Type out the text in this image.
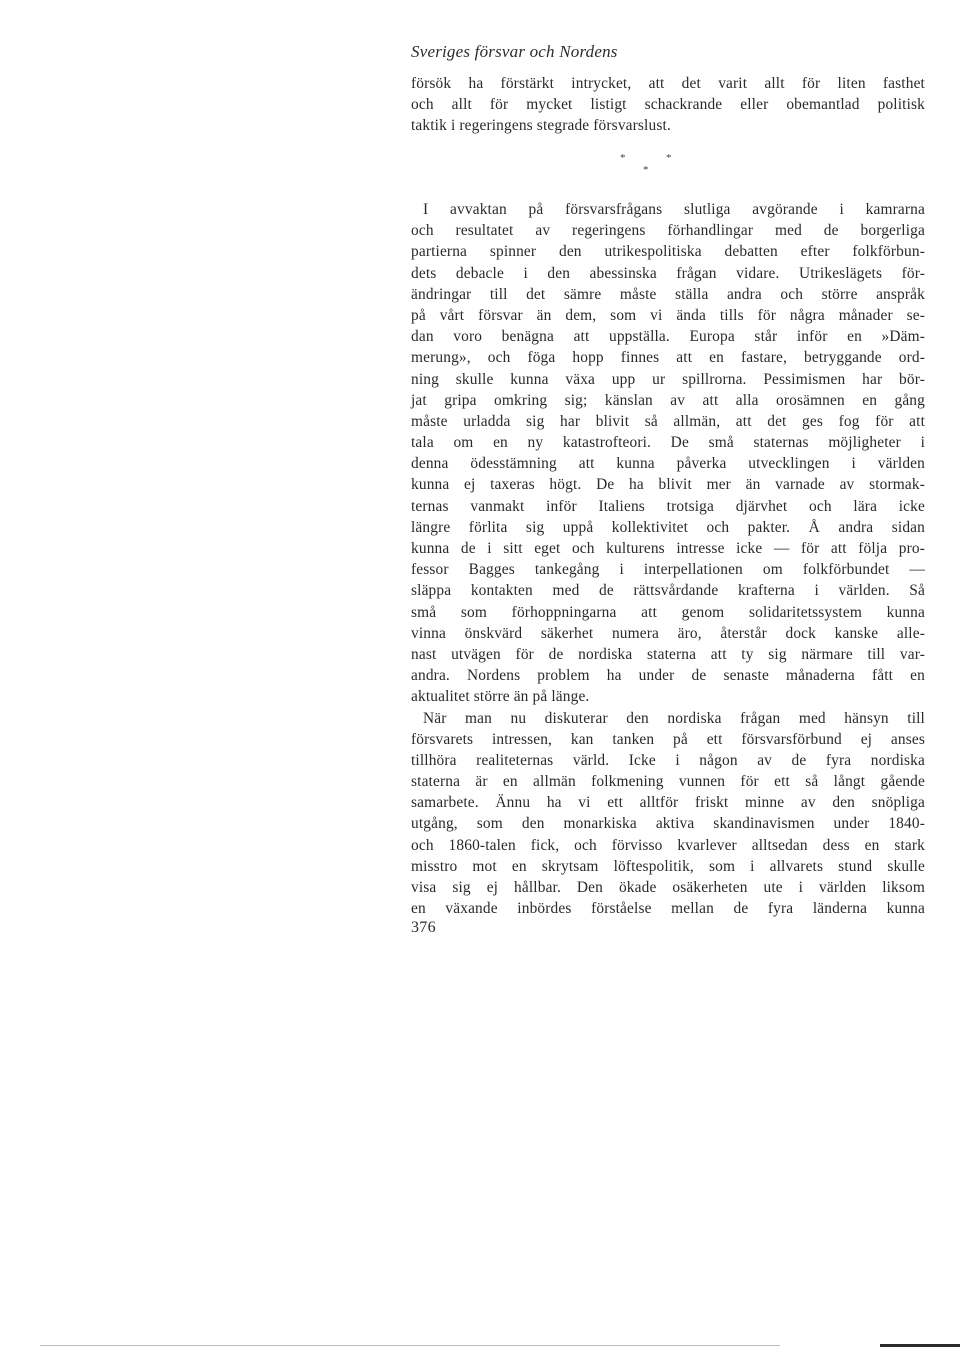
Sveriges försvar och Nordens
försök ha förstärkt intrycket, att det varit allt för liten fasthet
och allt för mycket listigt schackrande eller obemantlad politisk
taktik i regeringens stegrade försvarslust.
*	*
*
I avvaktan på försvarsfrågans slutliga avgörande i kamrarna
och resultatet av regeringens förhandlingar med de borgerliga
partierna spinner den utrikespolitiska debatten efter folkförbun-
dets debacle i den abessinska frågan vidare. Utrikeslägets för-
ändringar till det sämre måste ställa andra och större anspråk
på vårt försvar än dem, som vi ända tills för några månader se-
dan voro benägna att uppställa. Europa står inför en »Däm-
merung», och föga hopp finnes att en fastare, betryggande ord-
ning skulle kunna växa upp ur spillrorna. Pessimismen har bör-
jat gripa omkring sig; känslan av att alla orosämnen en gång
måste urladda sig har blivit så allmän, att det ges fog för att
tala om en ny katastrofteori. De små staternas möjligheter i
denna ödesstämning att kunna påverka utvecklingen i världen
kunna ej taxeras högt. De ha blivit mer än varnade av stormak-
ternas vanmakt inför Italiens trotsiga djärvhet och lära icke
längre förlita sig uppå kollektivitet och pakter. Å andra sidan
kunna de i sitt eget och kulturens intresse icke — för att följa pro-
fessor Bagges tankegång i interpellationen om folkförbundet —
släppa kontakten med de rättsvårdande krafterna i världen. Så
små som förhoppningarna att genom solidaritetssystem kunna
vinna önskvärd säkerhet numera äro, återstår dock kanske alle-
nast utvägen för de nordiska staterna att ty sig närmare till var-
andra. Nordens problem ha under de senaste månaderna fått en
aktualitet större än på länge.
När man nu diskuterar den nordiska frågan med hänsyn till
försvarets intressen, kan tanken på ett försvarsförbund ej anses
tillhöra realiteternas värld. Icke i någon av de fyra nordiska
staterna är en allmän folkmening vunnen för ett så långt gående
samarbete. Ännu ha vi ett alltför friskt minne av den snöpliga
utgång, som den monarkiska aktiva skandinavismen under 1840-
och 1860-talen fick, och förvisso kvarlever alltsedan dess en stark
misstro mot en skrytsam löftespolitik, som i allvarets stund skulle
visa sig ej hållbar. Den ökade osäkerheten ute i världen liksom
en växande inbördes förståelse mellan de fyra länderna kunna
376
